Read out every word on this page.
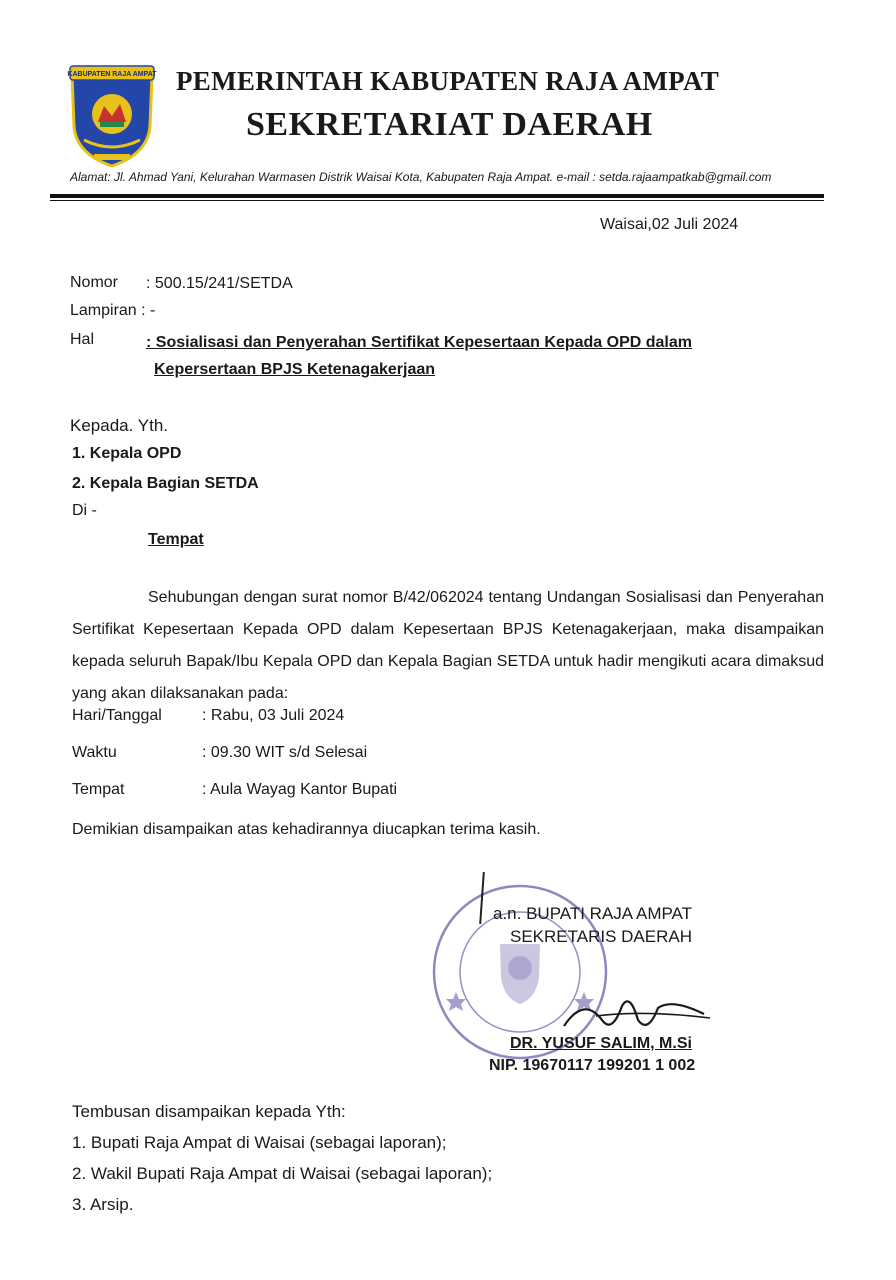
KABUPATEN RAJA AMPAT PEMERINTAH KABUPATEN RAJA AMPAT
SEKRETARIAT DAERAH
Alamat: Jl. Ahmad Yani, Kelurahan Warmasen Distrik Waisai Kota, Kabupaten Raja Ampat. e-mail : setda.rajaampatkab@gmail.com
Waisai,02 Juli 2024
Nomor : 500.15/241/SETDA
Lampiran : -
Hal	: Sosialisasi dan Penyerahan Sertifikat Kepesertaan Kepada OPD dalam
Kepersertaan BPJS Ketenagakerjaan
Kepada. Yth.
1. Kepala OPD
2. Kepala Bagian SETDA
Di -
Tempat

Sehubungan dengan surat nomor B/42/062024 tentang Undangan Sosialisasi dan Penyerahan Sertifikat Kepesertaan Kepada OPD dalam Kepesertaan BPJS Ketenagakerjaan, maka disampaikan kepada seluruh Bapak/Ibu Kepala OPD dan Kepala Bagian SETDA untuk hadir mengikuti acara dimaksud yang akan dilaksanakan pada:

Hari/Tanggal	: Rabu, 03 Juli 2024
Waktu	: 09.30 WIT s/d Selesai
Tempat	: Aula Wayag Kantor Bupati
Demikian disampaikan atas kehadirannya diucapkan terima kasih.
a.n. BUPATI RAJA AMPAT
SEKRETARIS DAERAH
DR. YUSUF SALIM, M.Si
NIP. 19670117 199201 1 002
Tembusan disampaikan kepada Yth:
1. Bupati Raja Ampat di Waisai (sebagai laporan);
2. Wakil Bupati Raja Ampat di Waisai (sebagai laporan);
3. Arsip.
